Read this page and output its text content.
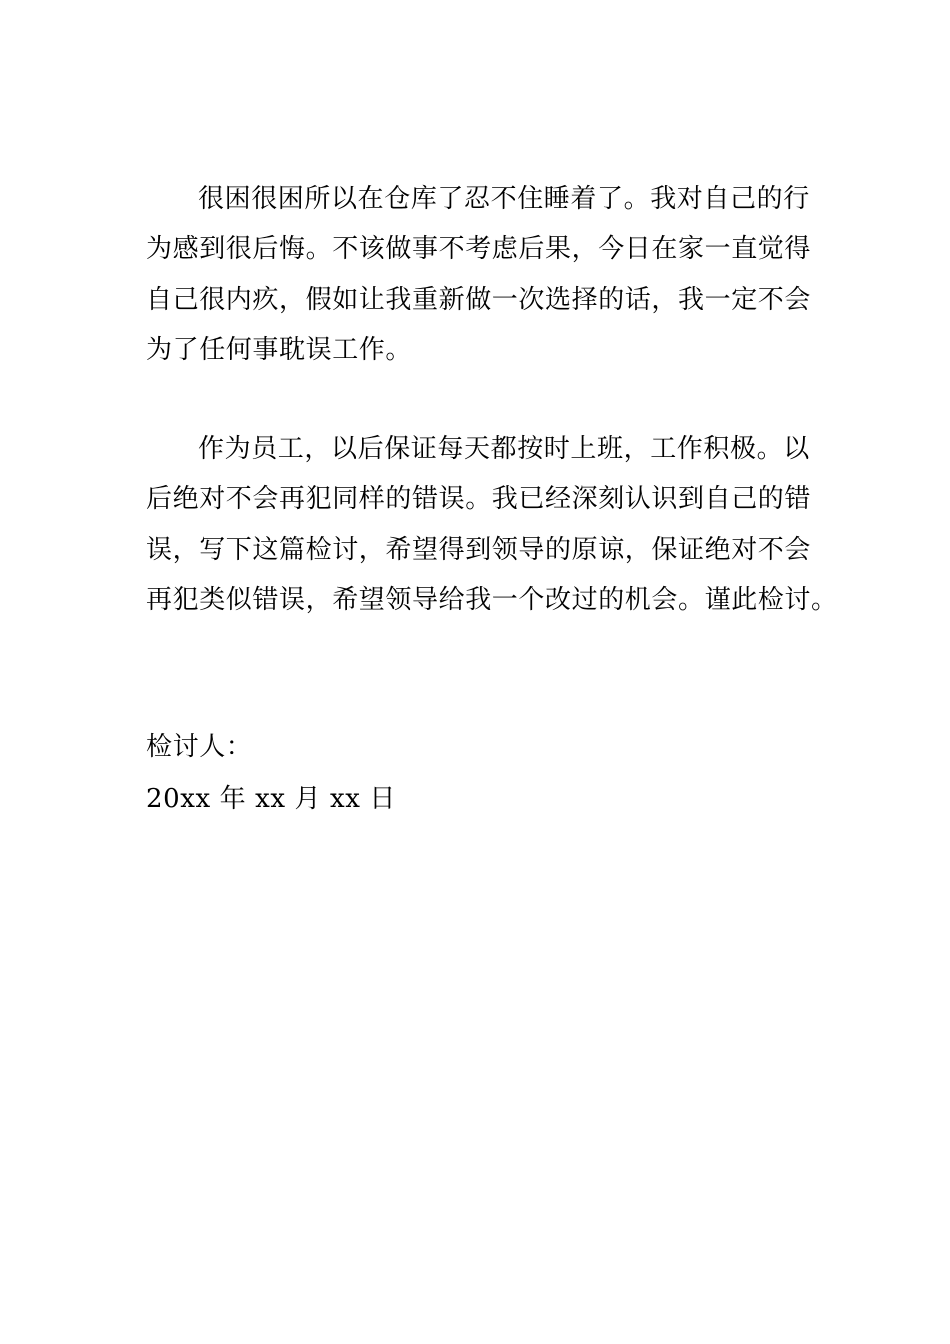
很困很困所以在仓库了忍不住睡着了。我对自己的行
为感到很后悔。不该做事不考虑后果，今日在家一直觉得
自己很内疚，假如让我重新做一次选择的话，我一定不会
为了任何事耽误工作。
作为员工，以后保证每天都按时上班，工作积极。以
后绝对不会再犯同样的错误。我已经深刻认识到自己的错
误，写下这篇检讨，希望得到领导的原谅，保证绝对不会
再犯类似错误，希望领导给我一个改过的机会。谨此检讨。
检讨人：
20xx 年 xx 月 xx 日
